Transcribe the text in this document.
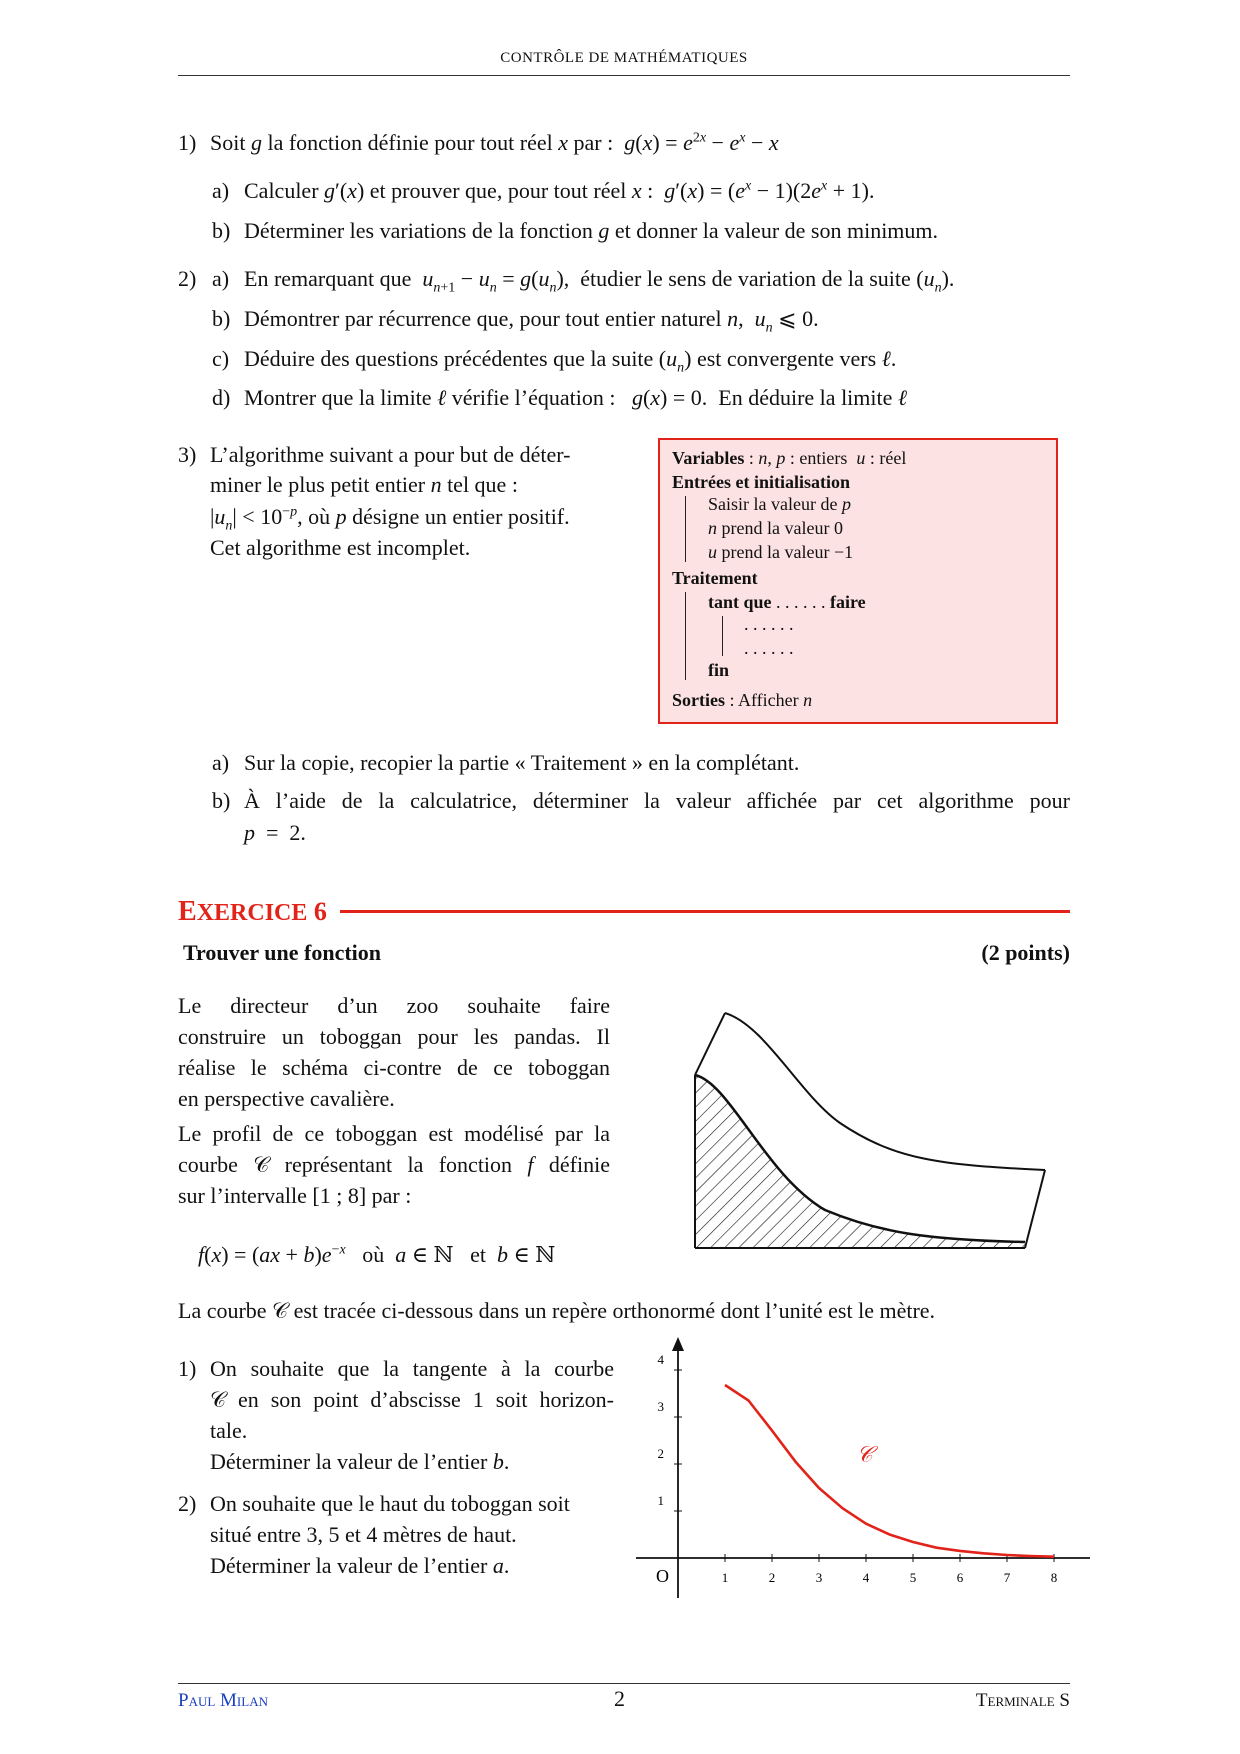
CONTRÔLE DE MATHÉMATIQUES
1) Soit g la fonction définie pour tout réel x par :  $g(x) = e^{2x} - e^x - x$
a) Calculer g′(x) et prouver que, pour tout réel x :  $g'(x) = (e^x - 1)(2e^x + 1)$.
b) Déterminer les variations de la fonction g et donner la valeur de son minimum.
2) a) En remarquant que  $u_{n+1} - u_n = g(u_n)$,  étudier le sens de variation de la suite $(u_n)$.
b) Démontrer par récurrence que, pour tout entier naturel n,  $u_n$ ⩽ 0.
c) Déduire des questions précédentes que la suite $(u_n)$ est convergente vers ℓ.
d) Montrer que la limite ℓ vérifie l’équation :   g(x) = 0.  En déduire la limite ℓ
3) L’algorithme suivant a pour but de déter-
miner le plus petit entier n tel que :
$|u_n| < 10^{-p}$, où p désigne un entier positif.
Cet algorithme est incomplet.
Variables : n, p : entiers  u : réel
Entrées et initialisation
Saisir la valeur de p
n prend la valeur 0
u prend la valeur −1
Traitement
tant que . . . . . . faire
. . . . . .
. . . . . .
fin
Sorties : Afficher n
a) Sur la copie, recopier la partie « Traitement » en la complétant.
b) À l’aide de la calculatrice, déterminer la valeur affichée par cet algorithme pour
p  =  2.
EXERCICE 6
Trouver une fonction	(2 points)
Le directeur d’un zoo souhaite faire
construire un toboggan pour les pandas. Il
réalise le schéma ci-contre de ce toboggan
en perspective cavalière.
Le profil de ce toboggan est modélisé par la
courbe 𝒞 représentant la fonction f définie
sur l’intervalle [1 ; 8] par :
$f(x) = (ax + b)e^{-x}$   où  a ∈ ℕ   et  b ∈ ℕ
La courbe 𝒞 est tracée ci-dessous dans un repère orthonormé dont l’unité est le mètre.
1) On souhaite que la tangente à la courbe
𝒞 en son point d’abscisse 1 soit horizon-
tale.
Déterminer la valeur de l’entier b.
2) On souhaite que le haut du toboggan soit
situé entre 3, 5 et 4 mètres de haut.
Déterminer la valeur de l’entier a.	O	1	2	3	4	5	6	7	8
1
2
3
4
𝒞
Paul Milan	2	Terminale S
